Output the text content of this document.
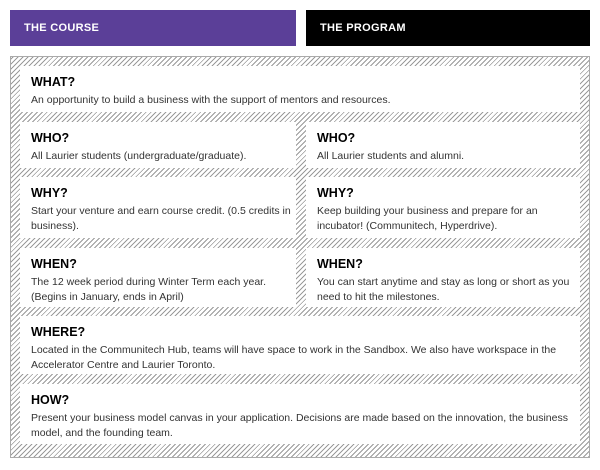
THE COURSE	THE PROGRAM
WHAT?

An opportunity to build a business with the support of mentors and resources.

WHO?

All Laurier students (undergraduate/graduate).

WHO?

All Laurier students and alumni.

WHY?

Start your venture and earn course credit. (0.5 credits in business).

WHY?

Keep building your business and prepare for an incubator! (Communitech, Hyperdrive).

WHEN?

The 12 week period during Winter Term each year. (Begins in January, ends in April)

WHEN?

You can start anytime and stay as long or short as you need to hit the milestones.

WHERE?

Located in the Communitech Hub, teams will have space to work in the Sandbox. We also have workspace in the Accelerator Centre and Laurier Toronto.

HOW?

Present your business model canvas in your application. Decisions are made based on the innovation, the business model, and the founding team.
